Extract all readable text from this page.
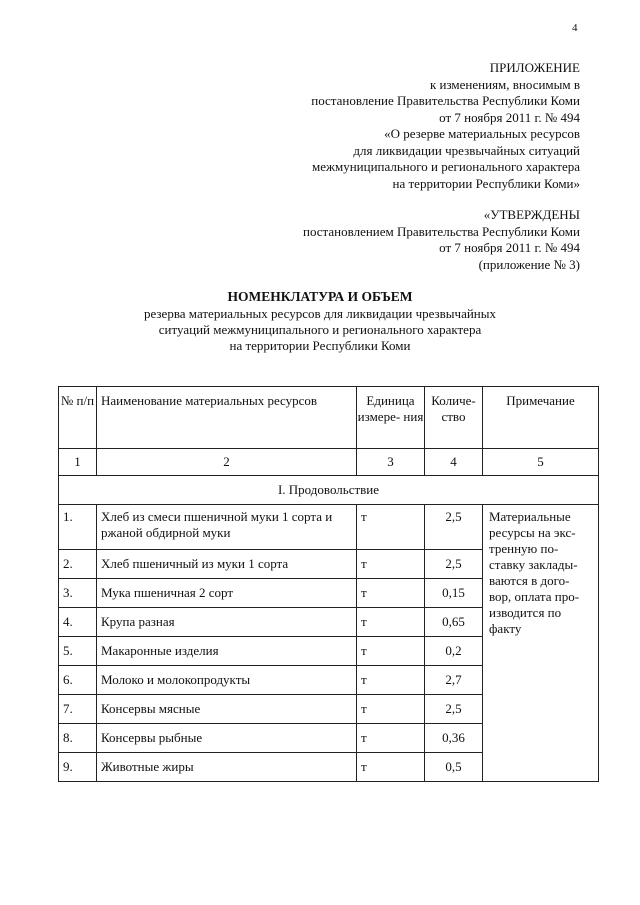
4
ПРИЛОЖЕНИЕ
к изменениям, вносимым в
постановление Правительства Республики Коми
от 7 ноября 2011 г. № 494
«О резерве материальных ресурсов
для ликвидации чрезвычайных ситуаций
межмуниципального и регионального характера
на территории Республики Коми»
«УТВЕРЖДЕНЫ
постановлением Правительства Республики Коми
от 7 ноября 2011 г. № 494
(приложение № 3)
НОМЕНКЛАТУРА И ОБЪЕМ
резерва материальных ресурсов для ликвидации чрезвычайных
ситуаций межмуниципального и регионального характера
на территории Республики Коми
№ п/п	Наименование материальных ресурсов	Единица измере- ния	Количе- ство	Примечание
1	2	3	4	5
I. Продовольствие				
1.	Хлеб из смеси пшеничной муки 1 сорта и ржаной обдирной муки	т	2,5	Материальные ресурсы на экс- тренную по- ставку заклады- ваются в дого- вор, оплата про- изводится по факту
2.	Хлеб пшеничный из муки 1 сорта	т	2,5	
3.	Мука пшеничная 2 сорт	т	0,15	
4.	Крупа разная	т	0,65	
5.	Макаронные изделия	т	0,2	
6.	Молоко и молокопродукты	т	2,7	
7.	Консервы мясные	т	2,5	
8.	Консервы рыбные	т	0,36	
9.	Животные жиры	т	0,5	
